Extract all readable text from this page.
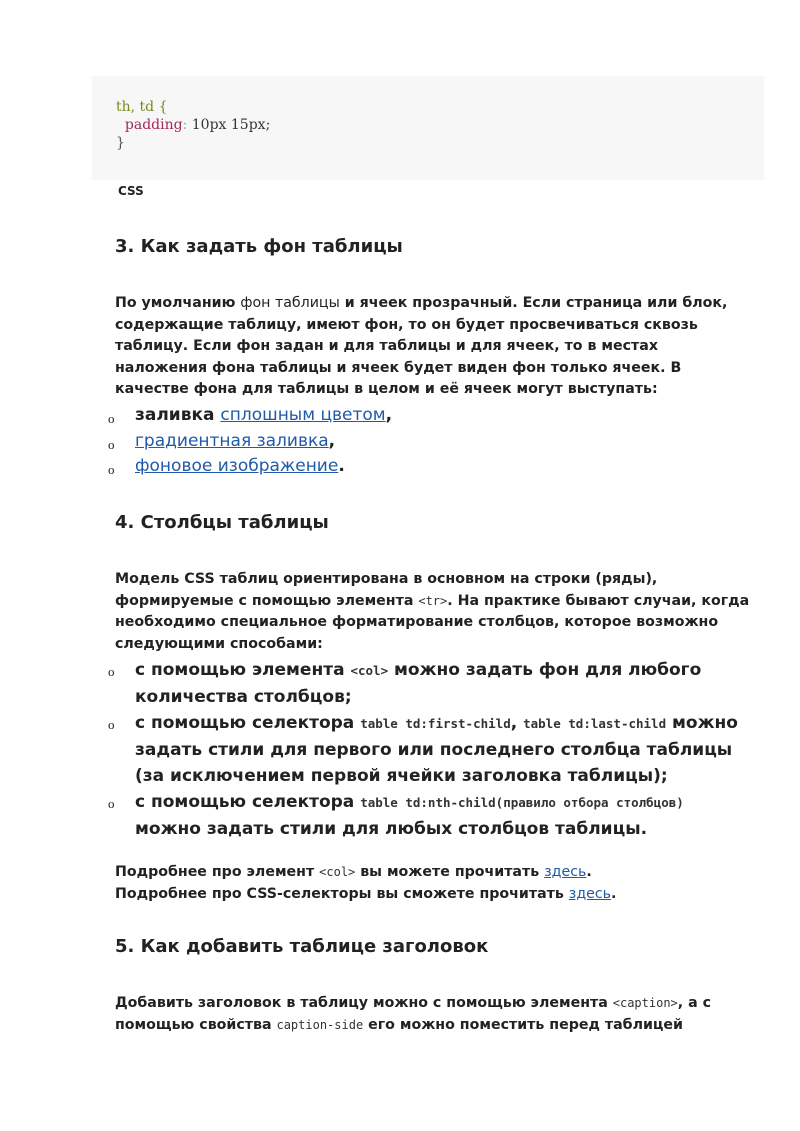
th, td {
padding: 10px 15px;
}
CSS
3. Как задать фон таблицы

По умолчанию фон таблицы и ячеек прозрачный. Если страница или блок, содержащие таблицу, имеют фон, то он будет просвечиваться сквозь таблицу. Если фон задан и для таблицы и для ячеек, то в местах наложения фона таблицы и ячеек будет виден фон только ячеек. В качестве фона для таблицы в целом и её ячеек могут выступать:

o заливка сплошным цветом,
o градиентная заливка,
o фоновое изображение.
4. Столбцы таблицы

Модель CSS таблиц ориентирована в основном на строки (ряды), формируемые с помощью элемента <tr>. На практике бывают случаи, когда необходимо специальное форматирование столбцов, которое возможно следующими способами:

o с помощью элемента <col> можно задать фон для любого количества столбцов;
o с помощью селектора table td:first-child, table td:last-child можно задать стили для первого или последнего столбца таблицы (за исключением первой ячейки заголовка таблицы);
o с помощью селектора table td:nth-child(правило отбора столбцов) можно задать стили для любых столбцов таблицы.

Подробнее про элемент <col> вы можете прочитать здесь.

Подробнее про CSS-селекторы вы сможете прочитать здесь.

5. Как добавить таблице заголовок

Добавить заголовок в таблицу можно с помощью элемента <caption>, а с помощью свойства caption-side его можно поместить перед таблицей
